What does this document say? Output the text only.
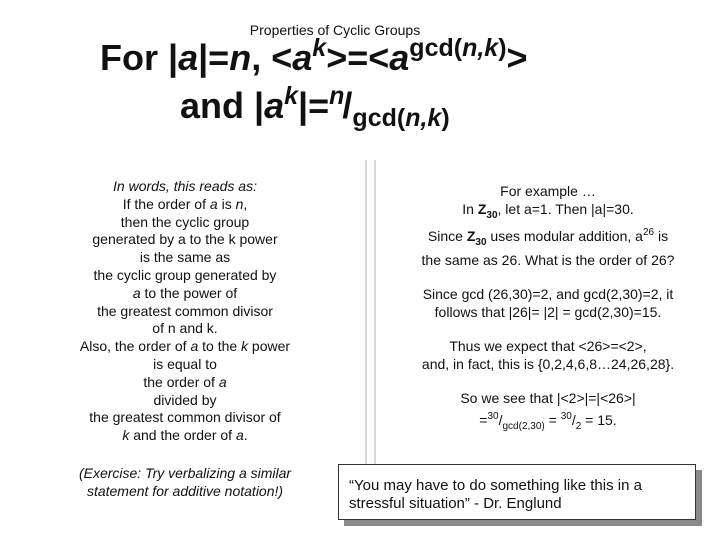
Properties of Cyclic Groups
For |a|=n, $<a^k>=<a^{gcd(n,k)}>$
and $|a^k|=^n/_{gcd(n,k)}$
In words, this reads as:
If the order of a is n,
then the cyclic group
generated by a to the k power
is the same as
the cyclic group generated by
a to the power of
the greatest common divisor
of n and k.
Also, the order of a to the k power
is equal to
the order of a
divided by
the greatest common divisor of
k and the order of a.
(Exercise: Try verbalizing a similar statement for additive notation!)

For example …
In $Z_{30}$, let a=1. Then |a|=30.
Since $Z_{30}$ uses modular addition, $a^{26}$ is
the same as 26. What is the order of 26?

Since gcd (26,30)=2, and gcd(2,30)=2, it
follows that |26|= |2| = gcd(2,30)=15.

Thus we expect that <26>=<2>,
and, in fact, this is {0,2,4,6,8…24,26,28}.

So we see that |<2>|=|<26>|
$=^{30}/_{gcd(2,30)} = ^{30}/_2 = 15$.

“You may have to do something like this in a stressful situation” - Dr. Englund
